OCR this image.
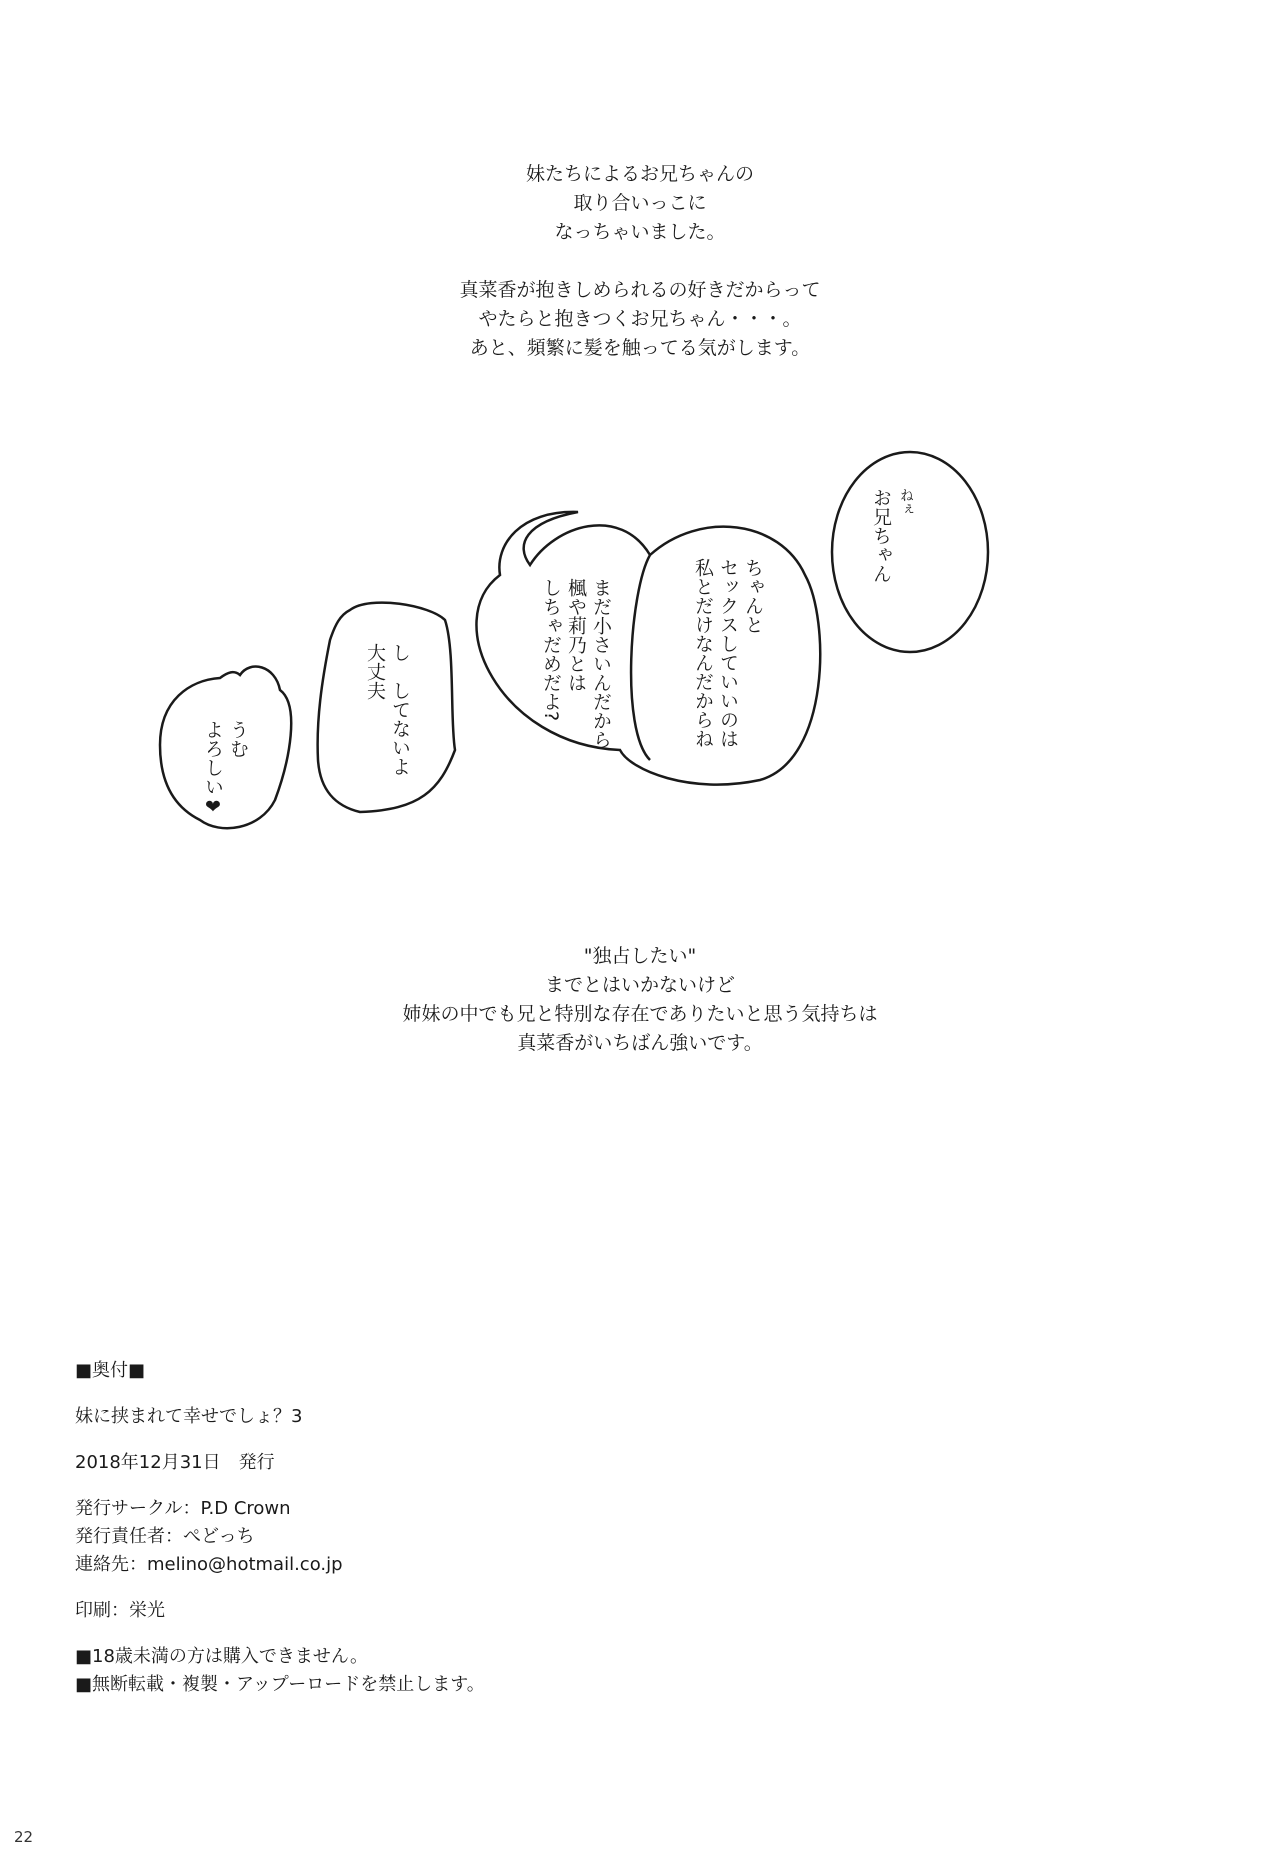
妹たちによるお兄ちゃんの
取り合いっこに
なっちゃいました。
真菜香が抱きしめられるの好きだからって
やたらと抱きつくお兄ちゃん・・・。
あと、頻繁に髪を触ってる気がします。
ねぇ
お兄ちゃん
ちゃんと
セックスしていいのは
私とだけなんだからね
まだ小さいんだから
楓や莉乃とは
しちゃだめだよ?
し　してないよ
大丈夫
うむ
よろしい❤
"独占したい"
までとはいかないけど
姉妹の中でも兄と特別な存在でありたいと思う気持ちは
真菜香がいちばん強いです。
■奥付■
妹に挟まれて幸せでしょ？3
2018年12月31日　発行
発行サークル：P.D Crown
発行責任者：ぺどっち
連絡先：melino@hotmail.co.jp
印刷：栄光
■18歳未満の方は購入できません。
■無断転載・複製・アップーロードを禁止します。
22
